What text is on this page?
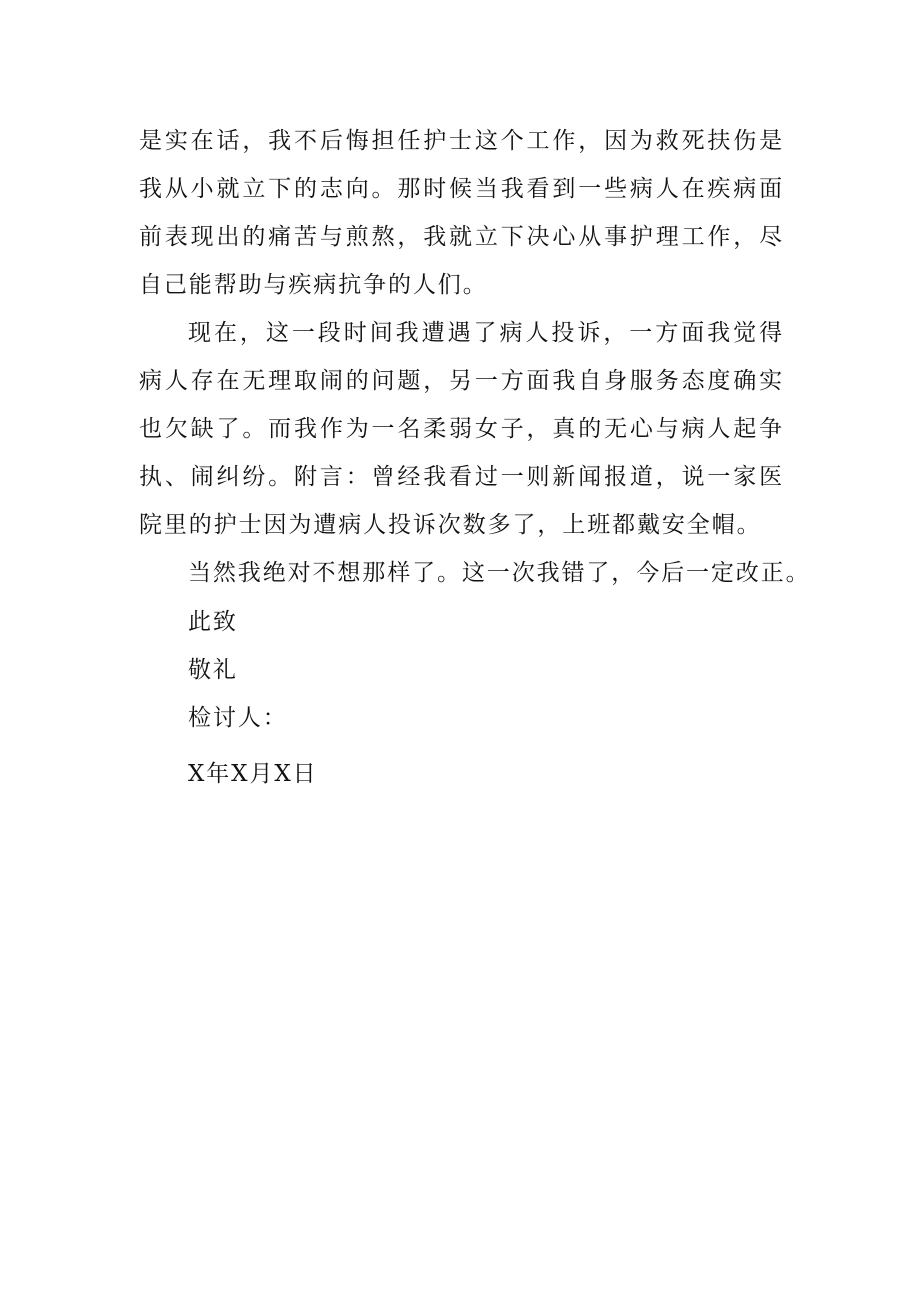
是实在话，我不后悔担任护士这个工作，因为救死扶伤是我从小就立下的志向。那时候当我看到一些病人在疾病面前表现出的痛苦与煎熬，我就立下决心从事护理工作，尽自己能帮助与疾病抗争的人们。

现在，这一段时间我遭遇了病人投诉，一方面我觉得病人存在无理取闹的问题，另一方面我自身服务态度确实也欠缺了。而我作为一名柔弱女子，真的无心与病人起争执、闹纠纷。附言：曾经我看过一则新闻报道，说一家医院里的护士因为遭病人投诉次数多了，上班都戴安全帽。

当然我绝对不想那样了。这一次我错了，今后一定改正。

此致

敬礼

检讨人：

X年X月X日
